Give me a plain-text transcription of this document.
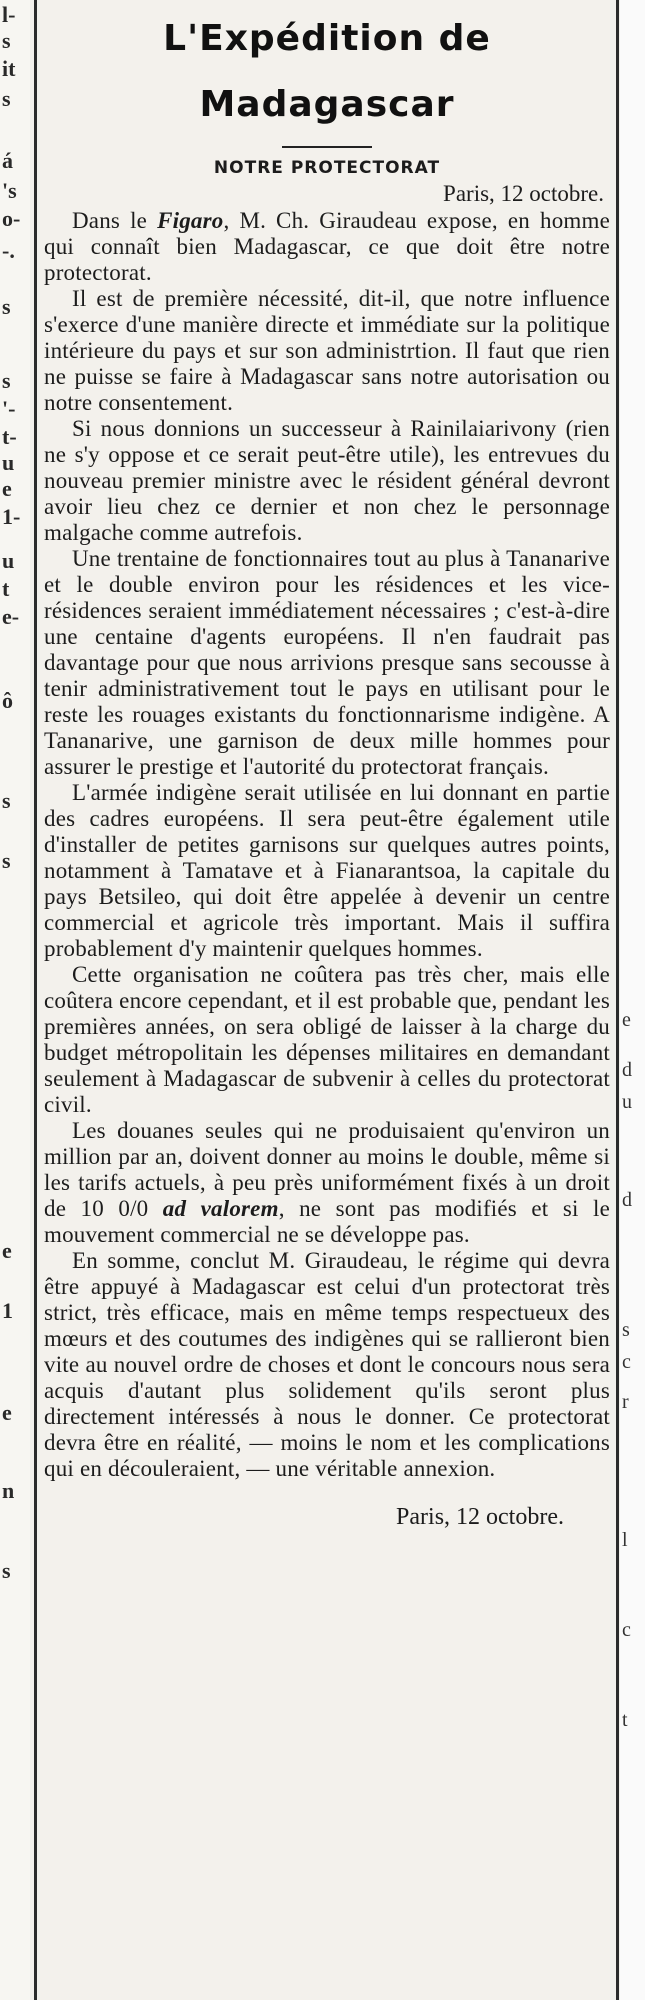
l-
s
it
s
á
's
o-
-.
s
s
'-
t-
u
e
1-
u
t
e-
ô
s
s
e
1
e
n
s
L'Expédition de Madagascar

NOTRE PROTECTORAT

Paris, 12 octobre.

Dans le Figaro, M. Ch. Giraudeau expose, en homme qui connaît bien Madagascar, ce que doit être notre protectorat.

Il est de première nécessité, dit-il, que notre influence s'exerce d'une manière directe et immédiate sur la politique intérieure du pays et sur son administrtion. Il faut que rien ne puisse se faire à Madagascar sans notre autorisation ou notre consentement.

Si nous donnions un successeur à Rainilaiarivony (rien ne s'y oppose et ce serait peut-être utile), les entrevues du nouveau premier ministre avec le résident général devront avoir lieu chez ce dernier et non chez le personnage malgache comme autrefois.

Une trentaine de fonctionnaires tout au plus à Tananarive et le double environ pour les résidences et les vice-résidences seraient immédiatement nécessaires ; c'est-à-dire une centaine d'agents européens. Il n'en faudrait pas davantage pour que nous arrivions presque sans secousse à tenir administrativement tout le pays en utilisant pour le reste les rouages existants du fonctionnarisme indigène. A Tananarive, une garnison de deux mille hommes pour assurer le prestige et l'autorité du protectorat français.

L'armée indigène serait utilisée en lui donnant en partie des cadres européens. Il sera peut-être également utile d'installer de petites garnisons sur quelques autres points, notamment à Tamatave et à Fianarantsoa, la capitale du pays Betsileo, qui doit être appelée à devenir un centre commercial et agricole très important. Mais il suffira probablement d'y maintenir quelques hommes.

Cette organisation ne coûtera pas très cher, mais elle coûtera encore cependant, et il est probable que, pendant les premières années, on sera obligé de laisser à la charge du budget métropolitain les dépenses militaires en demandant seulement à Madagascar de subvenir à celles du protectorat civil.

Les douanes seules qui ne produisaient qu'environ un million par an, doivent donner au moins le double, même si les tarifs actuels, à peu près uniformément fixés à un droit de 10 0/0 ad valorem, ne sont pas modifiés et si le mouvement commercial ne se développe pas.

En somme, conclut M. Giraudeau, le régime qui devra être appuyé à Madagascar est celui d'un protectorat très strict, très efficace, mais en même temps respectueux des mœurs et des coutumes des indigènes qui se rallieront bien vite au nouvel ordre de choses et dont le concours nous sera acquis d'autant plus solidement qu'ils seront plus directement intéressés à nous le donner. Ce protectorat devra être en réalité, — moins le nom et les complications qui en découleraient, — une véritable annexion.

Paris, 12 octobre.

e
d
u
d
s
c
r
l
c
t
